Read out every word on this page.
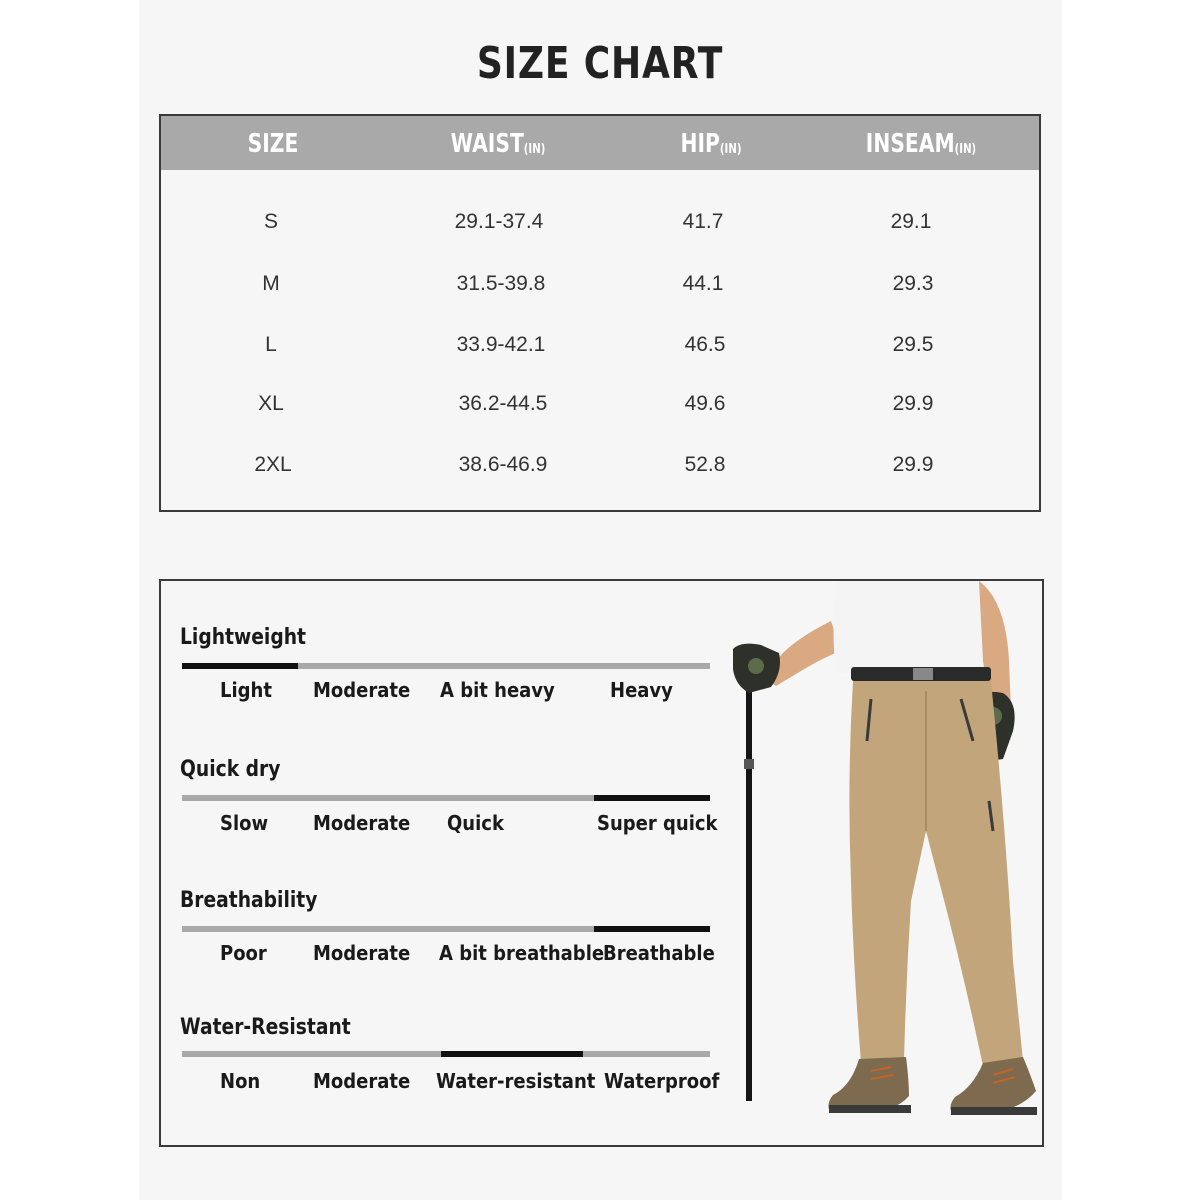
SIZE CHART
SIZE	$WAIST_{(IN)}$	$HIP_{(IN)}$	$INSEAM_{(IN)}$
S	29.1-37.4	41.7	29.1
M	31.5-39.8	44.1	29.3
L	33.9-42.1	46.5	29.5
XL	36.2-44.5	49.6	29.9
2XL	38.6-46.9	52.8	29.9
Lightweight
Light Moderate A bit heavy	Heavy
Quick dry
Slow Moderate Quick	Super quick
Breathability
Poor Moderate A bit breathable
Breathable
Water-Resistant
Non	Moderate Water-resistant Waterproof
